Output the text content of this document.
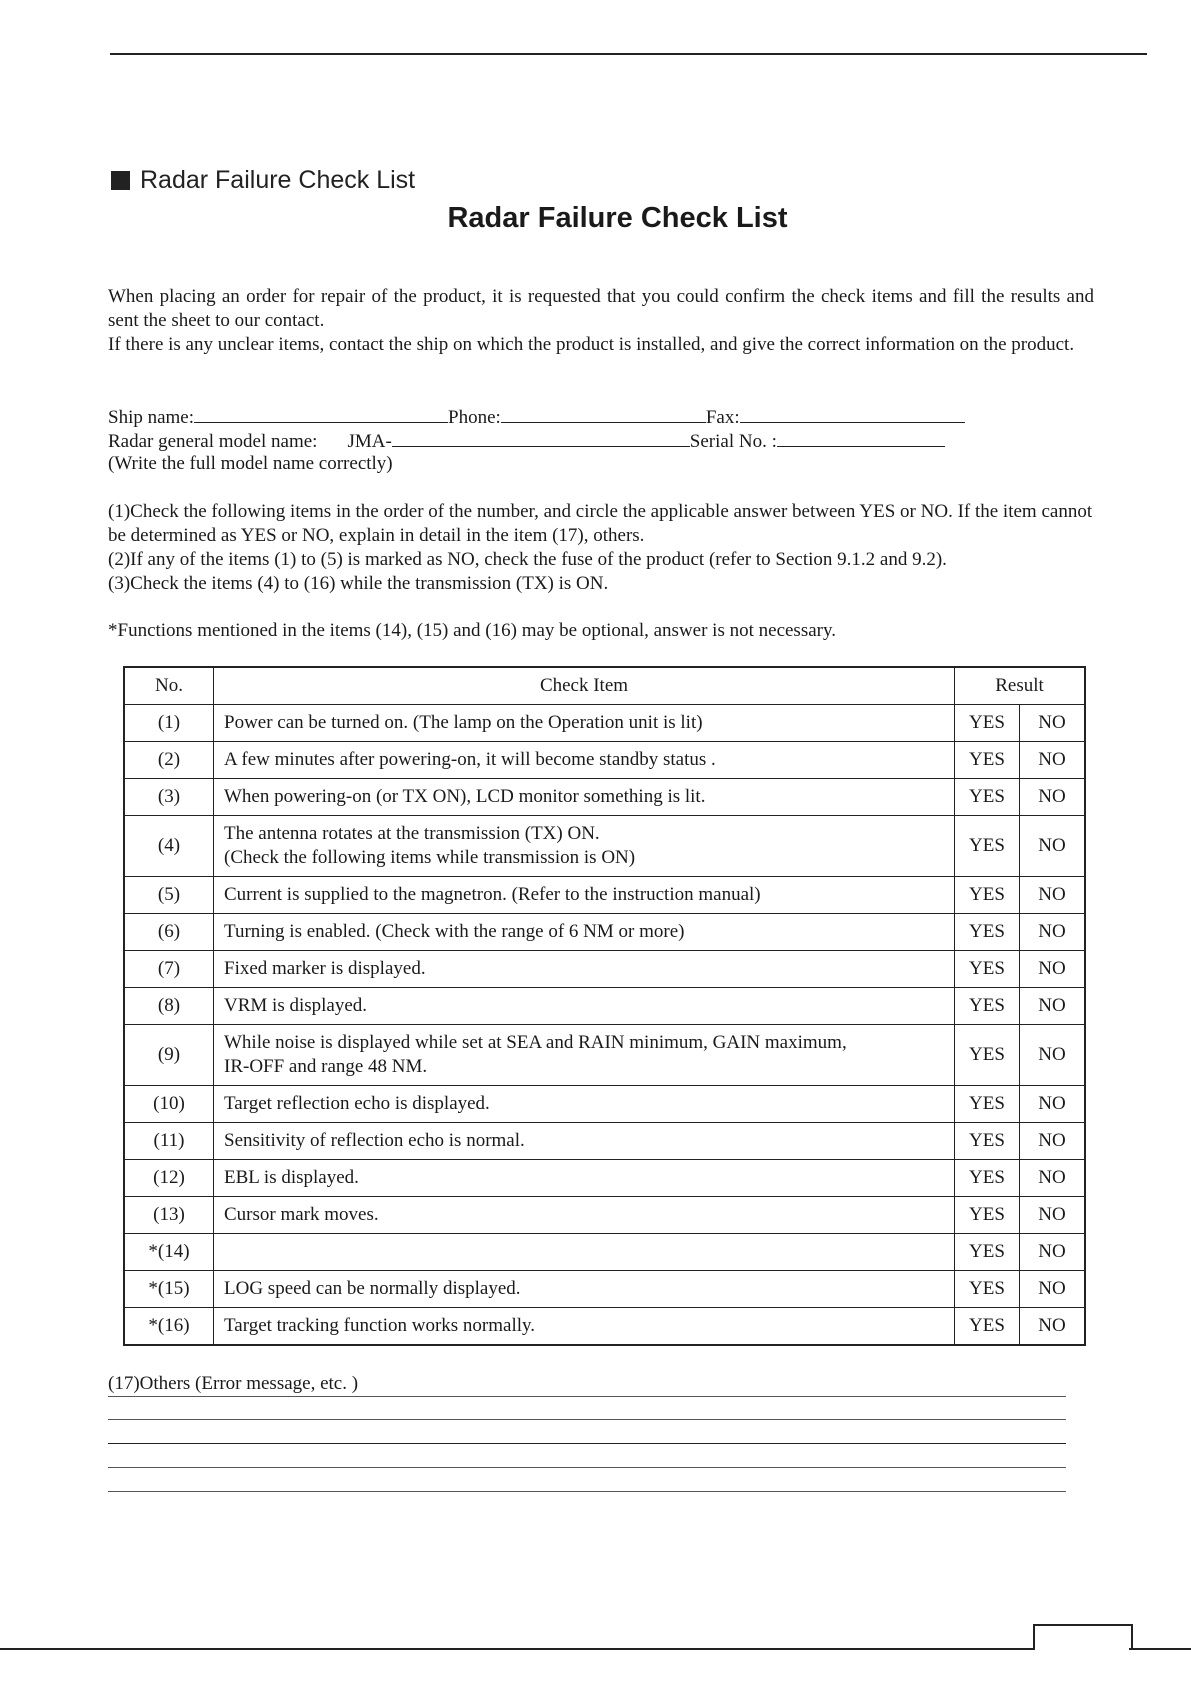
Radar Failure Check List
Radar Failure Check List
When placing an order for repair of the product, it is requested that you could confirm the check items and fill the results and sent the sheet to our contact.
If there is any unclear items, contact the ship on which the product is installed, and give the correct information on the product.
Ship name:	Phone:	Fax:
Radar general model name: JMA-	Serial No. :
(Write the full model name correctly)
(1)Check the following items in the order of the number, and circle the applicable answer between YES or NO. If the item cannot be determined as YES or NO, explain in detail in the item (17), others.
(2)If any of the items (1) to (5) is marked as NO, check the fuse of the product (refer to Section 9.1.2 and 9.2).
(3)Check the items (4) to (16) while the transmission (TX) is ON.
*Functions mentioned in the items (14), (15) and (16) may be optional, answer is not necessary.
No.	Check Item	Result	
(1)	Power can be turned on. (The lamp on the Operation unit is lit)	YES	NO
(2)	A few minutes after powering-on, it will become standby status .	YES	NO
(3)	When powering-on (or TX ON), LCD monitor something is lit.	YES	NO
(4)	The antenna rotates at the transmission (TX) ON.
(Check the following items while transmission is ON)	YES	NO
(5)	Current is supplied to the magnetron. (Refer to the instruction manual)	YES	NO
(6)	Turning is enabled. (Check with the range of 6 NM or more)	YES	NO
(7)	Fixed marker is displayed.	YES	NO
(8)	VRM is displayed.	YES	NO
(9)	While noise is displayed while set at SEA and RAIN minimum, GAIN maximum,
IR-OFF and range 48 NM.	YES	NO
(10)	Target reflection echo is displayed.	YES	NO
(11)	Sensitivity of reflection echo is normal.	YES	NO
(12)	EBL is displayed.	YES	NO
(13)	Cursor mark moves.	YES	NO
*(14)		YES	NO
*(15)	LOG speed can be normally displayed.	YES	NO
*(16)	Target tracking function works normally.	YES	NO
(17)Others (Error message, etc. )
